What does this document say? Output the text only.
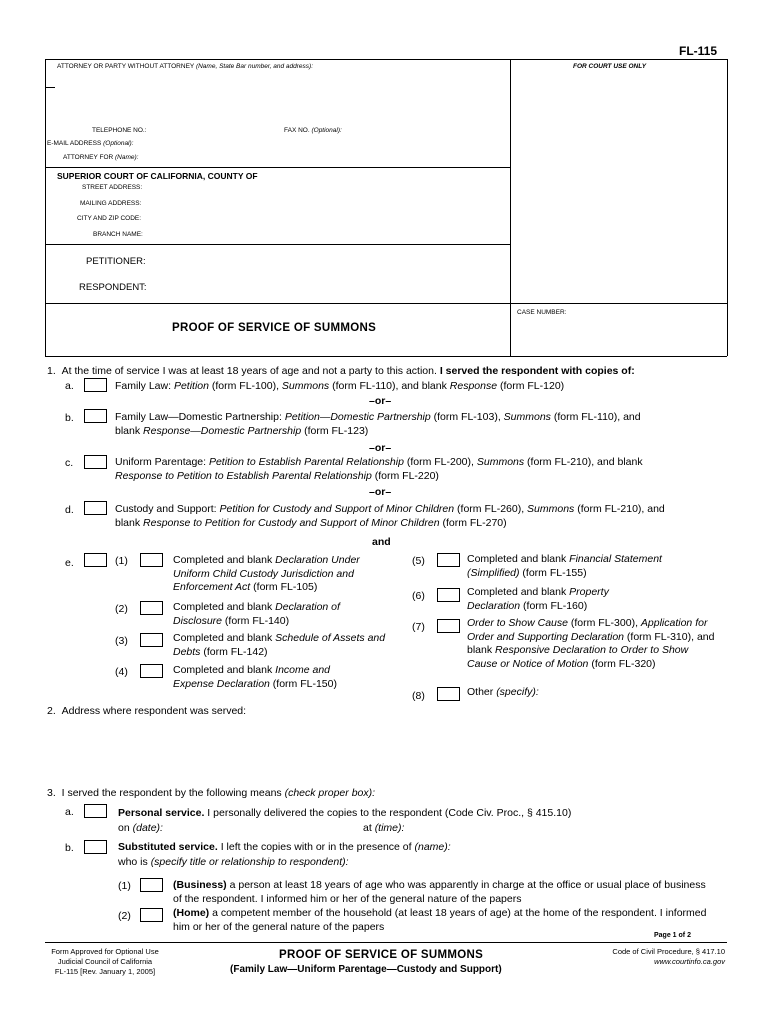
FL-115
ATTORNEY OR PARTY WITHOUT ATTORNEY (Name, State Bar number, and address):	FOR COURT USE ONLY
TELEPHONE NO.:	FAX NO. (Optional):
E-MAIL ADDRESS (Optional):
ATTORNEY FOR (Name):
SUPERIOR COURT OF CALIFORNIA, COUNTY OF
STREET ADDRESS:
MAILING ADDRESS:
CITY AND ZIP CODE:
BRANCH NAME:
PETITIONER:
RESPONDENT:
CASE NUMBER:
PROOF OF SERVICE OF SUMMONS
1. At the time of service I was at least 18 years of age and not a party to this action. I served the respondent with copies of:
a.	Family Law: Petition (form FL-100), Summons (form FL-110), and blank Response (form FL-120)
–or–
b.	Family Law—Domestic Partnership: Petition—Domestic Partnership (form FL-103), Summons (form FL-110), and
blank Response—Domestic Partnership (form FL-123)
–or–
c.	Uniform Parentage: Petition to Establish Parental Relationship (form FL-200), Summons (form FL-210), and blank
Response to Petition to Establish Parental Relationship (form FL-220)
–or–
d.	Custody and Support: Petition for Custody and Support of Minor Children (form FL-260), Summons (form FL-210), and
blank Response to Petition for Custody and Support of Minor Children (form FL-270)
and
e.	(1)	Completed and blank Declaration Under Uniform Child Custody Jurisdiction and Enforcement Act (form FL-105)
(2)	Completed and blank Declaration of Disclosure (form FL-140)
(3)	Completed and blank Schedule of Assets and Debts (form FL-142)
(4)	Completed and blank Income and Expense Declaration (form FL-150)
(5)	Completed and blank Financial Statement (Simplified) (form FL-155)
(6)	Completed and blank Property Declaration (form FL-160)
(7)	Order to Show Cause (form FL-300), Application for Order and Supporting Declaration (form FL-310), and blank Responsive Declaration to Order to Show Cause or Notice of Motion (form FL-320)
(8)	Other (specify):
2. Address where respondent was served:
3. I served the respondent by the following means (check proper box):
a.	Personal service. I personally delivered the copies to the respondent (Code Civ. Proc., § 415.10)
on (date):	at (time):
b.	Substituted service. I left the copies with or in the presence of (name):
who is (specify title or relationship to respondent):
(1)	(Business) a person at least 18 years of age who was apparently in charge at the office or usual place of business of the respondent. I informed him or her of the general nature of the papers
(2)	(Home) a competent member of the household (at least 18 years of age) at the home of the respondent. I informed him or her of the general nature of the papers
Page 1 of 2
Form Approved for Optional Use
Judicial Council of California
FL-115 [Rev. January 1, 2005]
PROOF OF SERVICE OF SUMMONS
(Family Law—Uniform Parentage—Custody and Support)
Code of Civil Procedure, § 417.10
www.courtinfo.ca.gov
